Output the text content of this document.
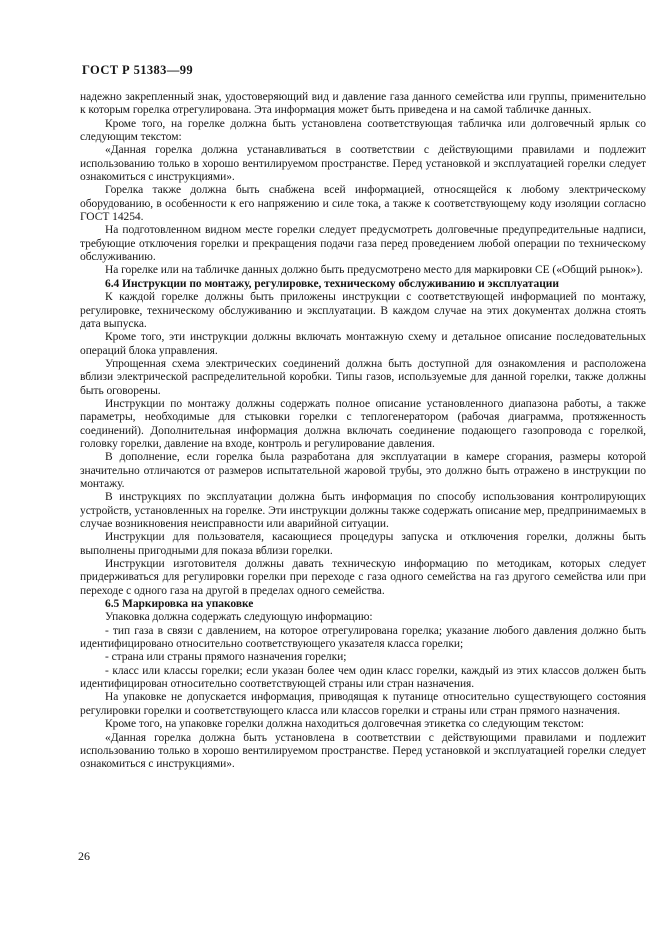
ГОСТ Р 51383—99

надежно закрепленный знак, удостоверяющий вид и давление газа данного семейства или группы, применительно к которым горелка отрегулирована. Эта информация может быть приведена и на самой табличке данных.

Кроме того, на горелке должна быть установлена соответствующая табличка или долговечный ярлык со следующим текстом:

«Данная горелка должна устанавливаться в соответствии с действующими правилами и подлежит использованию только в хорошо вентилируемом пространстве. Перед установкой и эксплуатацией горелки следует ознакомиться с инструкциями».

Горелка также должна быть снабжена всей информацией, относящейся к любому электрическому оборудованию, в особенности к его напряжению и силе тока, а также к соответствующему коду изоляции согласно ГОСТ 14254.

На подготовленном видном месте горелки следует предусмотреть долговечные предупредительные надписи, требующие отключения горелки и прекращения подачи газа перед проведением любой операции по техническому обслуживанию.

На горелке или на табличке данных должно быть предусмотрено место для маркировки СЕ («Общий рынок»).

6.4 Инструкции по монтажу, регулировке, техническому обслуживанию и эксплуатации

К каждой горелке должны быть приложены инструкции с соответствующей информацией по монтажу, регулировке, техническому обслуживанию и эксплуатации. В каждом случае на этих документах должна стоять дата выпуска.

Кроме того, эти инструкции должны включать монтажную схему и детальное описание последовательных операций блока управления.

Упрощенная схема электрических соединений должна быть доступной для ознакомления и расположена вблизи электрической распределительной коробки. Типы газов, используемые для данной горелки, также должны быть оговорены.

Инструкции по монтажу должны содержать полное описание установленного диапазона работы, а также параметры, необходимые для стыковки горелки с теплогенератором (рабочая диаграмма, протяженность соединений). Дополнительная информация должна включать соединение подающего газопровода с горелкой, головку горелки, давление на входе, контроль и регулирование давления.

В дополнение, если горелка была разработана для эксплуатации в камере сгорания, размеры которой значительно отличаются от размеров испытательной жаровой трубы, это должно быть отражено в инструкции по монтажу.

В инструкциях по эксплуатации должна быть информация по способу использования контролирующих устройств, установленных на горелке. Эти инструкции должны также содержать описание мер, предпринимаемых в случае возникновения неисправности или аварийной ситуации.

Инструкции для пользователя, касающиеся процедуры запуска и отключения горелки, должны быть выполнены пригодными для показа вблизи горелки.

Инструкции изготовителя должны давать техническую информацию по методикам, которых следует придерживаться для регулировки горелки при переходе с газа одного семейства на газ другого семейства или при переходе с одного газа на другой в пределах одного семейства.

6.5 Маркировка на упаковке

Упаковка должна содержать следующую информацию:

- тип газа в связи с давлением, на которое отрегулирована горелка; указание любого давления должно быть идентифицировано относительно соответствующего указателя класса горелки;

- страна или страны прямого назначения горелки;

- класс или классы горелки; если указан более чем один класс горелки, каждый из этих классов должен быть идентифицирован относительно соответствующей страны или стран назначения.

На упаковке не допускается информация, приводящая к путанице относительно существующего состояния регулировки горелки и соответствующего класса или классов горелки и страны или стран прямого назначения.

Кроме того, на упаковке горелки должна находиться долговечная этикетка со следующим текстом:

«Данная горелка должна быть установлена в соответствии с действующими правилами и подлежит использованию только в хорошо вентилируемом пространстве. Перед установкой и эксплуатацией горелки следует ознакомиться с инструкциями».

26
